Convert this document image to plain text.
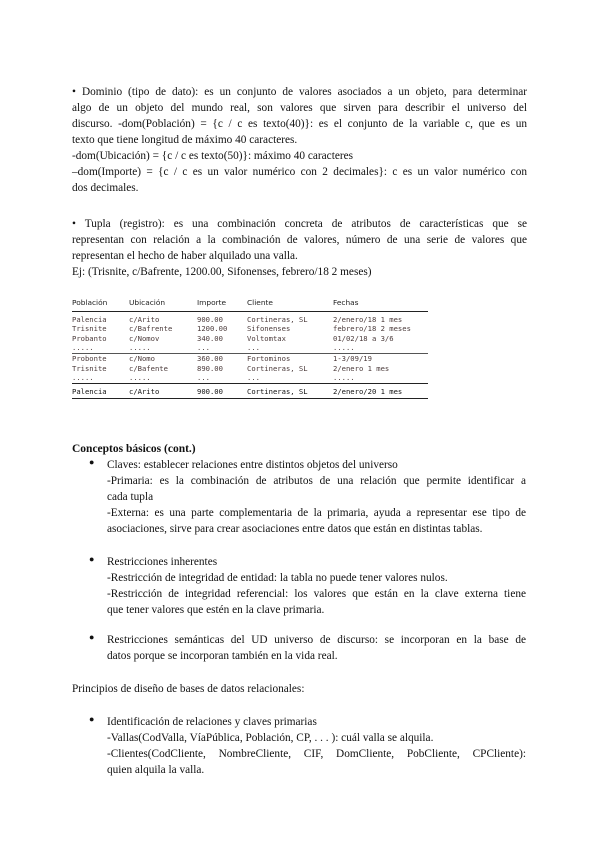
• Dominio (tipo de dato): es un conjunto de valores asociados a un objeto, para determinar
algo de un objeto del mundo real, son valores que sirven para describir el universo del
discurso. -dom(Población) = {c / c es texto(40)}: es el conjunto de la variable c, que es un
texto que tiene longitud de máximo 40 caracteres.
-dom(Ubicación) = {c / c es texto(50)}: máximo 40 caracteres
–dom(Importe) = {c / c es un valor numérico con 2 decimales}: c es un valor numérico con
dos decimales.
• Tupla (registro): es una combinación concreta de atributos de características que se
representan con relación a la combinación de valores, número de una serie de valores que
representan el hecho de haber alquilado una valla.
Ej: (Trisnite, c/Bafrente, 1200.00, Sifonenses, febrero/18 2 meses)
Población	Ubicación	Importe	Cliente	Fechas
Palencia	c/Arito	900.00	Cortineras, SL	2/enero/18 1 mes
Trisnite	c/Bafrente	1200.00	Sifonenses	febrero/18 2 meses
Probanto	c/Nomov	340.00	Voltomtax	01/02/18 a 3/6
.....	.....	...	...	.....
Probonte	c/Nomo	360.00	Fortominos	1-3/09/19
Trisnite	c/Bafente	890.00	Cortineras, SL	2/enero 1 mes
.....	.....	...	...	.....
Palencia	c/Arito	900.00	Cortineras, SL	2/enero/20 1 mes
Conceptos básicos (cont.)
● Claves: establecer relaciones entre distintos objetos del universo
-Primaria: es la combinación de atributos de una relación que permite identificar a
cada tupla
-Externa: es una parte complementaria de la primaria, ayuda a representar ese tipo de
asociaciones, sirve para crear asociaciones entre datos que están en distintas tablas.
● Restricciones inherentes
-Restricción de integridad de entidad: la tabla no puede tener valores nulos.
-Restricción de integridad referencial: los valores que están en la clave externa tiene
que tener valores que estén en la clave primaria.
● Restricciones semánticas del UD universo de discurso: se incorporan en la base de
datos porque se incorporan también en la vida real.
Principios de diseño de bases de datos relacionales:
● Identificación de relaciones y claves primarias
-Vallas(CodValla, VíaPública, Población, CP, . . . ): cuál valla se alquila.
-Clientes(CodCliente, NombreCliente, CIF, DomCliente, PobCliente, CPCliente):
quien alquila la valla.
